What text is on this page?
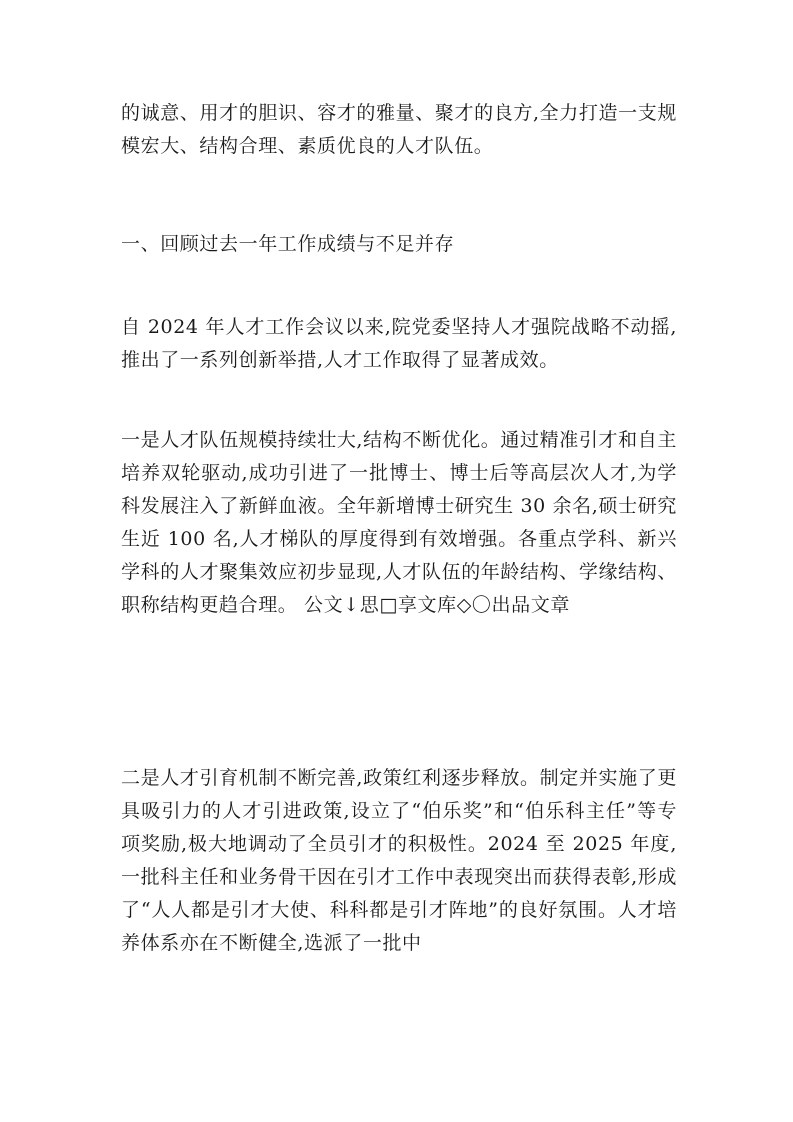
的诚意、用才的胆识、容才的雅量、聚才的良方,全力打造一支规模宏大、结构合理、素质优良的人才队伍。

一、回顾过去一年工作成绩与不足并存

自 2024 年人才工作会议以来,院党委坚持人才强院战略不动摇,推出了一系列创新举措,人才工作取得了显著成效。

一是人才队伍规模持续壮大,结构不断优化。通过精准引才和自主培养双轮驱动,成功引进了一批博士、博士后等高层次人才,为学科发展注入了新鲜血液。全年新增博士研究生 30 余名,硕士研究生近 100 名,人才梯队的厚度得到有效增强。各重点学科、新兴学科的人才聚集效应初步显现,人才队伍的年龄结构、学缘结构、职称结构更趋合理。 公文↓思□享文库◇〇出品文章

二是人才引育机制不断完善,政策红利逐步释放。制定并实施了更具吸引力的人才引进政策,设立了“伯乐奖”和“伯乐科主任”等专项奖励,极大地调动了全员引才的积极性。2024 至 2025 年度,一批科主任和业务骨干因在引才工作中表现突出而获得表彰,形成了“人人都是引才大使、科科都是引才阵地”的良好氛围。人才培养体系亦在不断健全,选派了一批中
